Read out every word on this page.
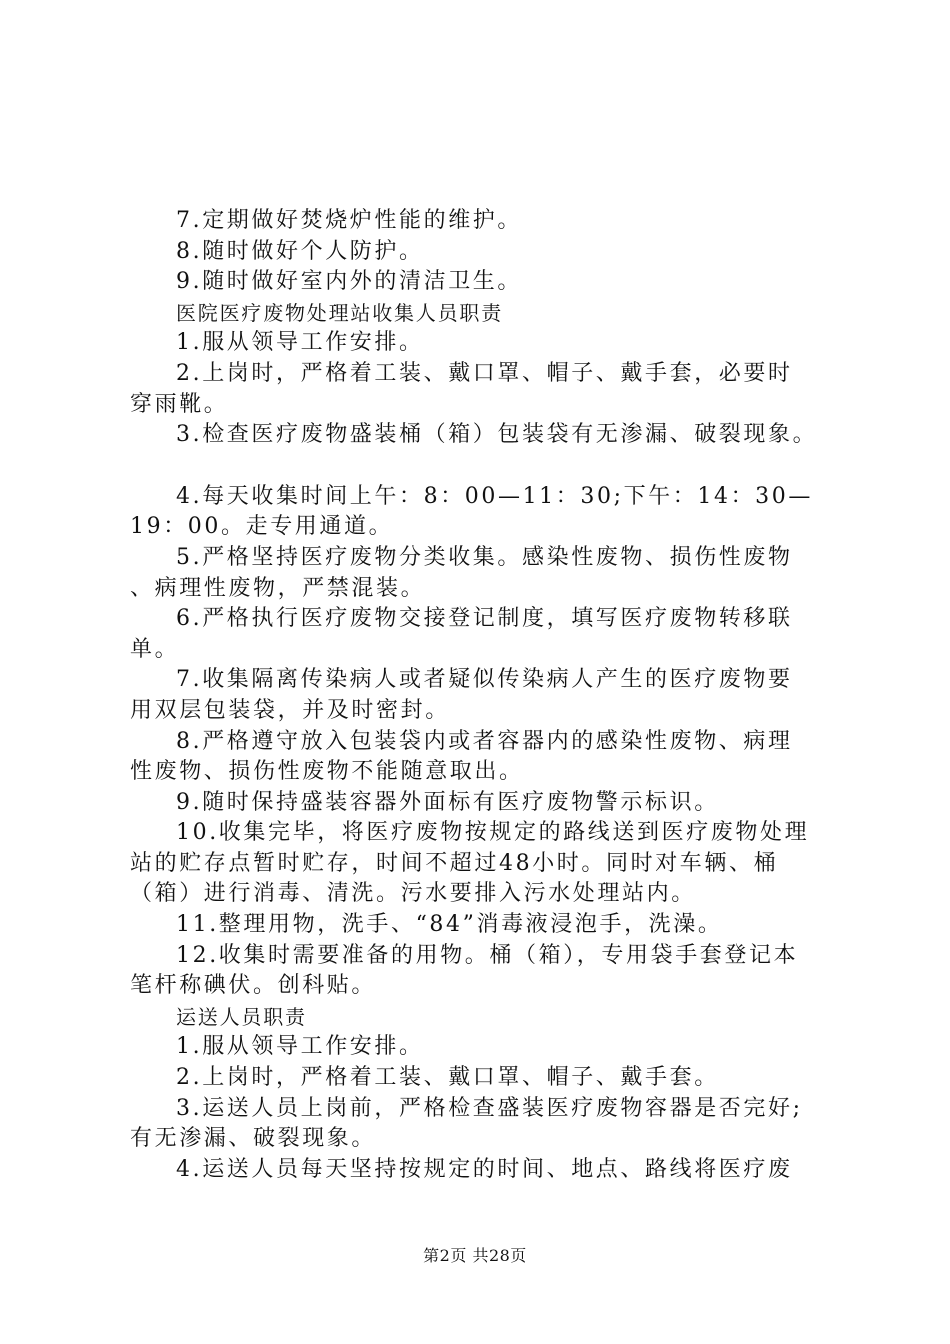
7.定期做好焚烧炉性能的维护。
8.随时做好个人防护。
9.随时做好室内外的清洁卫生。
医院医疗废物处理站收集人员职责
1.服从领导工作安排。
2.上岗时，严格着工装、戴口罩、帽子、戴手套，必要时
穿雨靴。
3.检查医疗废物盛装桶（箱）包装袋有无渗漏、破裂现象。
4.每天收集时间上午：8：00—11：30;下午：14：30—
19：00。走专用通道。
5.严格坚持医疗废物分类收集。感染性废物、损伤性废物
、病理性废物，严禁混装。
6.严格执行医疗废物交接登记制度，填写医疗废物转移联
单。
7.收集隔离传染病人或者疑似传染病人产生的医疗废物要
用双层包装袋，并及时密封。
8.严格遵守放入包装袋内或者容器内的感染性废物、病理
性废物、损伤性废物不能随意取出。
9.随时保持盛装容器外面标有医疗废物警示标识。
10.收集完毕，将医疗废物按规定的路线送到医疗废物处理
站的贮存点暂时贮存，时间不超过48小时。同时对车辆、桶
（箱）进行消毒、清洗。污水要排入污水处理站内。
11.整理用物，洗手、“84”消毒液浸泡手，洗澡。
12.收集时需要准备的用物。桶（箱），专用袋手套登记本
笔杆称碘伏。创科贴。
运送人员职责
1.服从领导工作安排。
2.上岗时，严格着工装、戴口罩、帽子、戴手套。
3.运送人员上岗前，严格检查盛装医疗废物容器是否完好;
有无渗漏、破裂现象。
4.运送人员每天坚持按规定的时间、地点、路线将医疗废
第2页 共28页
